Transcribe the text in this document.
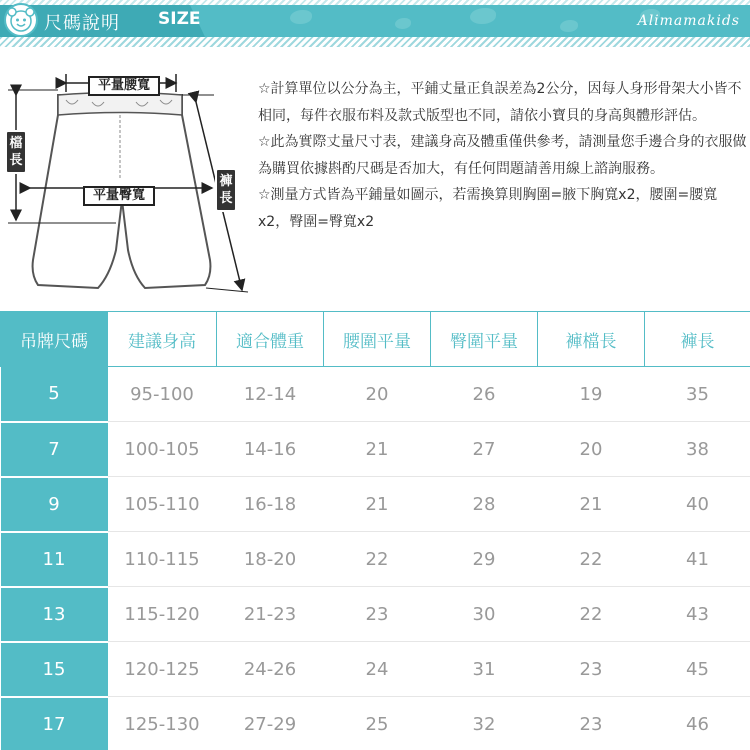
尺碼說明 SIZE	Alimamakids
平量腰寬
平量臀寬
檔長
褲長

☆計算單位以公分為主，平鋪丈量正負誤差為2公分，因每人身形骨架大小皆不相同，每件衣服布料及款式版型也不同，請依小寶貝的身高與體形評估。

☆此為實際丈量尺寸表，建議身高及體重僅供參考，請測量您手邊合身的衣服做為購買依據斟酌尺碼是否加大，有任何問題請善用線上諮詢服務。

☆測量方式皆為平鋪量如圖示，若需換算則胸圍=腋下胸寬x2，腰圍=腰寬x2，臀圍=臀寬x2

吊牌尺碼	建議身高	適合體重	腰圍平量	臀圍平量	褲檔長	褲長
5	95-100	12-14	20	26	19	35
7	100-105	14-16	21	27	20	38
9	105-110	16-18	21	28	21	40
11	110-115	18-20	22	29	22	41
13	115-120	21-23	23	30	22	43
15	120-125	24-26	24	31	23	45
17	125-130	27-29	25	32	23	46
